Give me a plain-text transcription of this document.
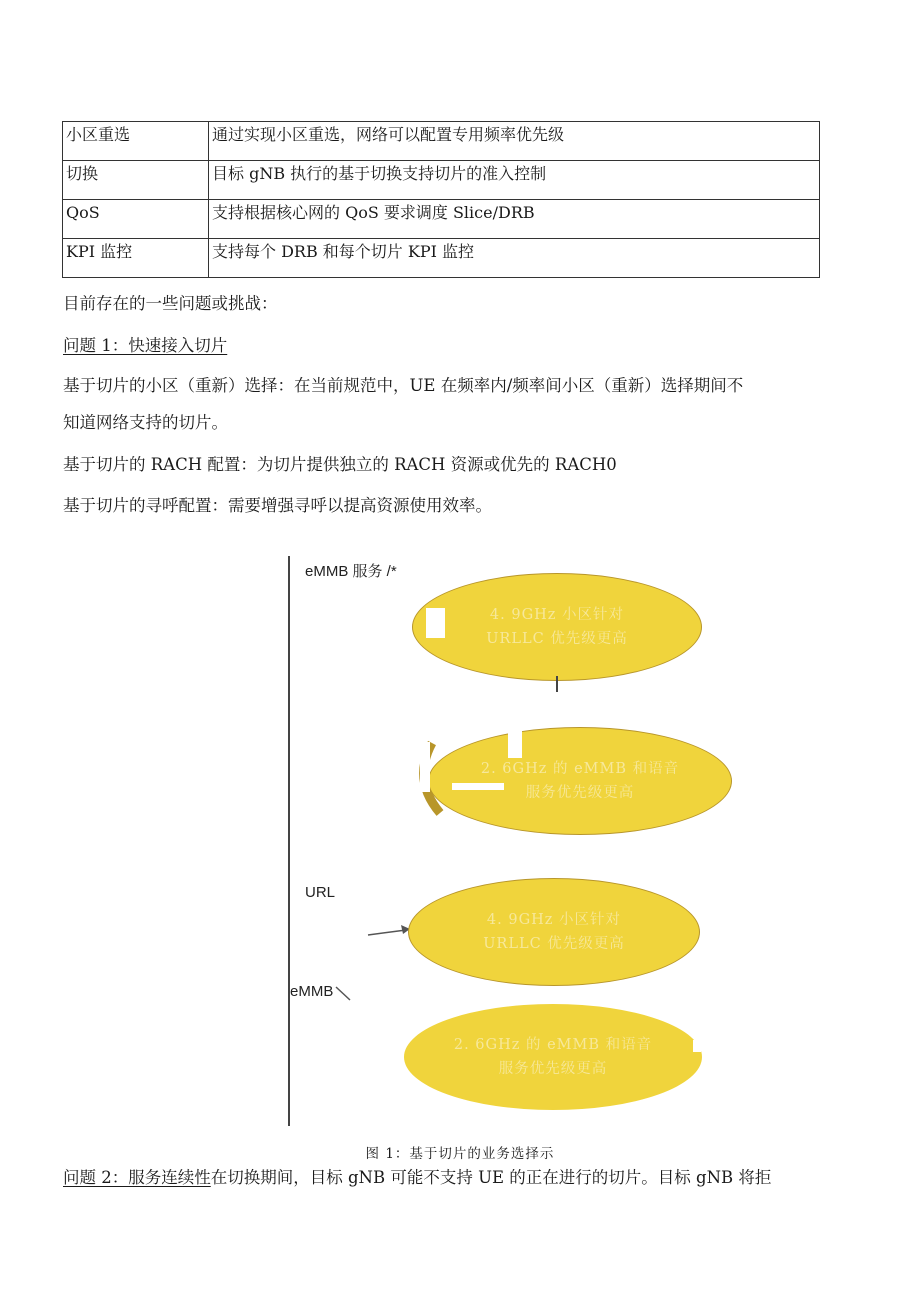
小区重选	通过实现小区重选，网络可以配置专用频率优先级
切换	目标 gNB 执行的基于切换支持切片的准入控制
QoS	支持根据核心网的 QoS 要求调度 Slice/DRB
KPI 监控	支持每个 DRB 和每个切片 KPI 监控
目前存在的一些问题或挑战：
问题 1：快速接入切片
基于切片的小区（重新）选择：在当前规范中，UE 在频率内/频率间小区（重新）选择期间不
知道网络支持的切片。
基于切片的 RACH 配置：为切片提供独立的 RACH 资源或优先的 RACH0
基于切片的寻呼配置：需要增强寻呼以提高资源使用效率。
eMMB 服务 /*
4. 9GHz 小区针对
URLLC 优先级更高
2. 6GHz 的 eMMB 和语音
服务优先级更高
URL
4. 9GHz 小区针对
URLLC 优先级更高
eMMB
2. 6GHz 的 eMMB 和语音
服务优先级更高
图 1：基于切片的业务选择示
问题 2：服务连续性在切换期间，目标 gNB 可能不支持 UE 的正在进行的切片。目标 gNB 将拒
